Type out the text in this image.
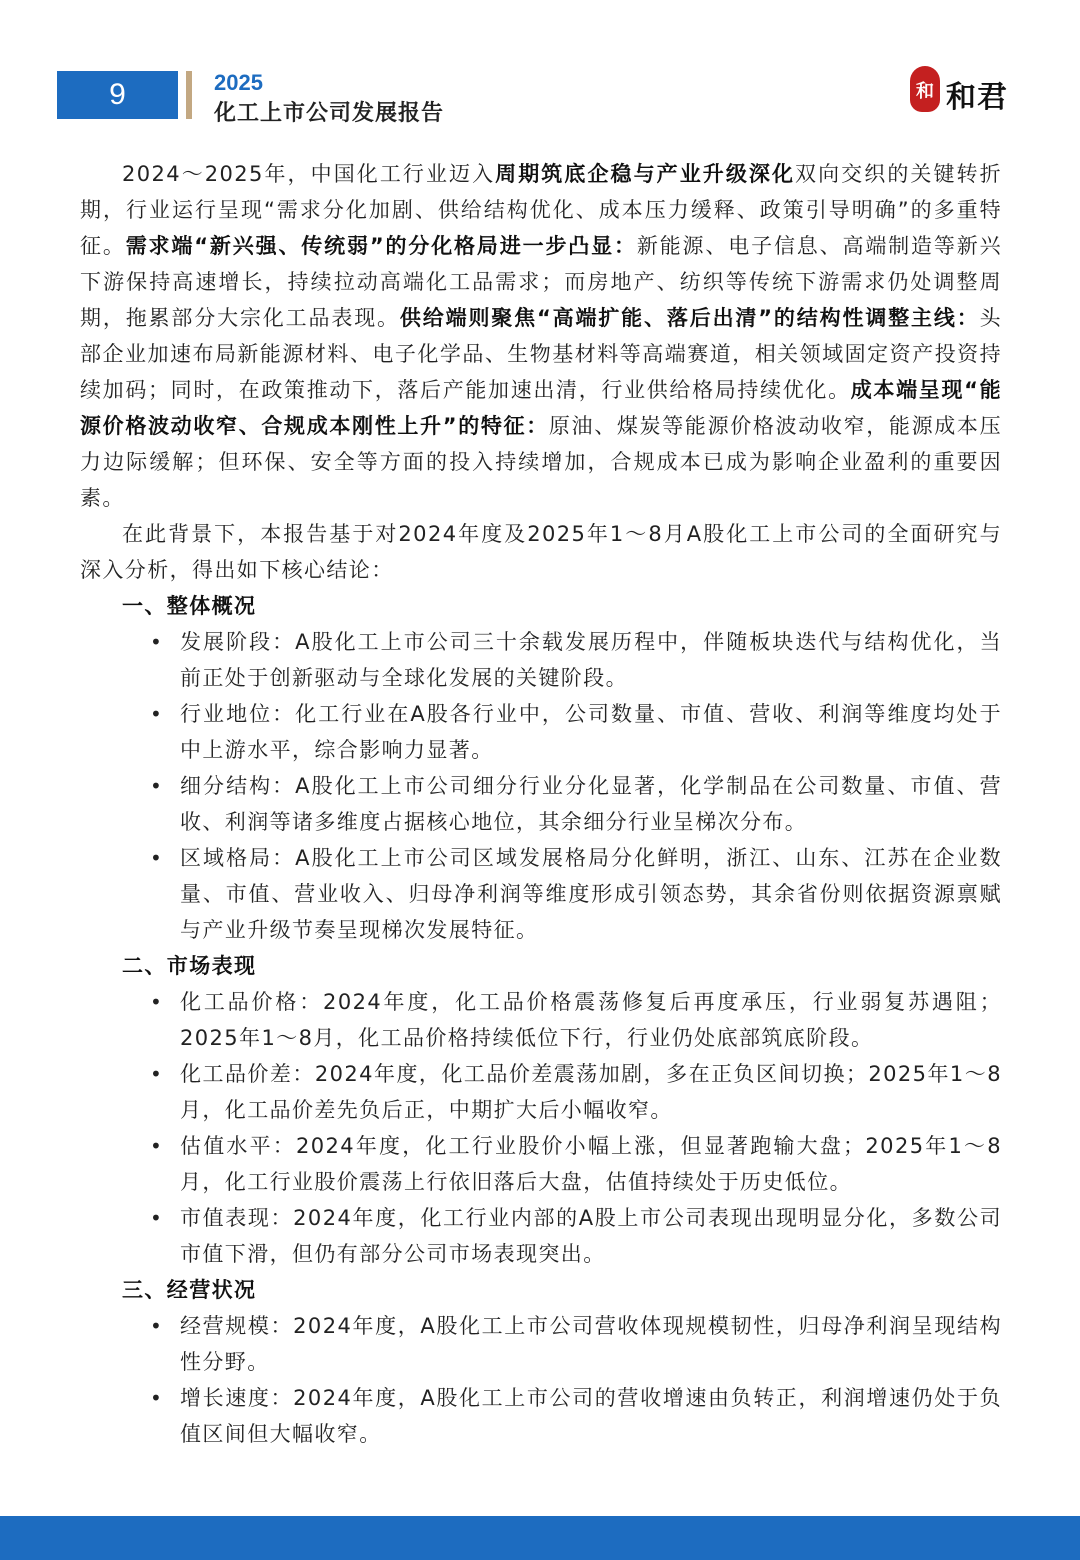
9	2025
化工上市公司发展报告
和 和君

2024～2025年，中国化工行业迈入周期筑底企稳与产业升级深化双向交织的关键转折期，行业运行呈现“需求分化加剧、供给结构优化、成本压力缓释、政策引导明确”的多重特征。需求端“新兴强、传统弱”的分化格局进一步凸显：新能源、电子信息、高端制造等新兴下游保持高速增长，持续拉动高端化工品需求；而房地产、纺织等传统下游需求仍处调整周期，拖累部分大宗化工品表现。供给端则聚焦“高端扩能、落后出清”的结构性调整主线：头部企业加速布局新能源材料、电子化学品、生物基材料等高端赛道，相关领域固定资产投资持续加码；同时，在政策推动下，落后产能加速出清，行业供给格局持续优化。成本端呈现“能源价格波动收窄、合规成本刚性上升”的特征：原油、煤炭等能源价格波动收窄，能源成本压力边际缓解；但环保、安全等方面的投入持续增加，合规成本已成为影响企业盈利的重要因素。

在此背景下，本报告基于对2024年度及2025年1～8月A股化工上市公司的全面研究与深入分析，得出如下核心结论：

一、整体概况

• 发展阶段：A股化工上市公司三十余载发展历程中，伴随板块迭代与结构优化，当前正处于创新驱动与全球化发展的关键阶段。
• 行业地位：化工行业在A股各行业中，公司数量、市值、营收、利润等维度均处于中上游水平，综合影响力显著。
• 细分结构：A股化工上市公司细分行业分化显著，化学制品在公司数量、市值、营收、利润等诸多维度占据核心地位，其余细分行业呈梯次分布。
• 区域格局：A股化工上市公司区域发展格局分化鲜明，浙江、山东、江苏在企业数量、市值、营业收入、归母净利润等维度形成引领态势，其余省份则依据资源禀赋与产业升级节奏呈现梯次发展特征。

二、市场表现

• 化工品价格：2024年度，化工品价格震荡修复后再度承压，行业弱复苏遇阻；2025年1～8月，化工品价格持续低位下行，行业仍处底部筑底阶段。
• 化工品价差：2024年度，化工品价差震荡加剧，多在正负区间切换；2025年1～8月，化工品价差先负后正，中期扩大后小幅收窄。
• 估值水平：2024年度，化工行业股价小幅上涨，但显著跑输大盘；2025年1～8月，化工行业股价震荡上行依旧落后大盘，估值持续处于历史低位。
• 市值表现：2024年度，化工行业内部的A股上市公司表现出现明显分化，多数公司市值下滑，但仍有部分公司市场表现突出。

三、经营状况

• 经营规模：2024年度，A股化工上市公司营收体现规模韧性，归母净利润呈现结构性分野。
• 增长速度：2024年度，A股化工上市公司的营收增速由负转正，利润增速仍处于负值区间但大幅收窄。
